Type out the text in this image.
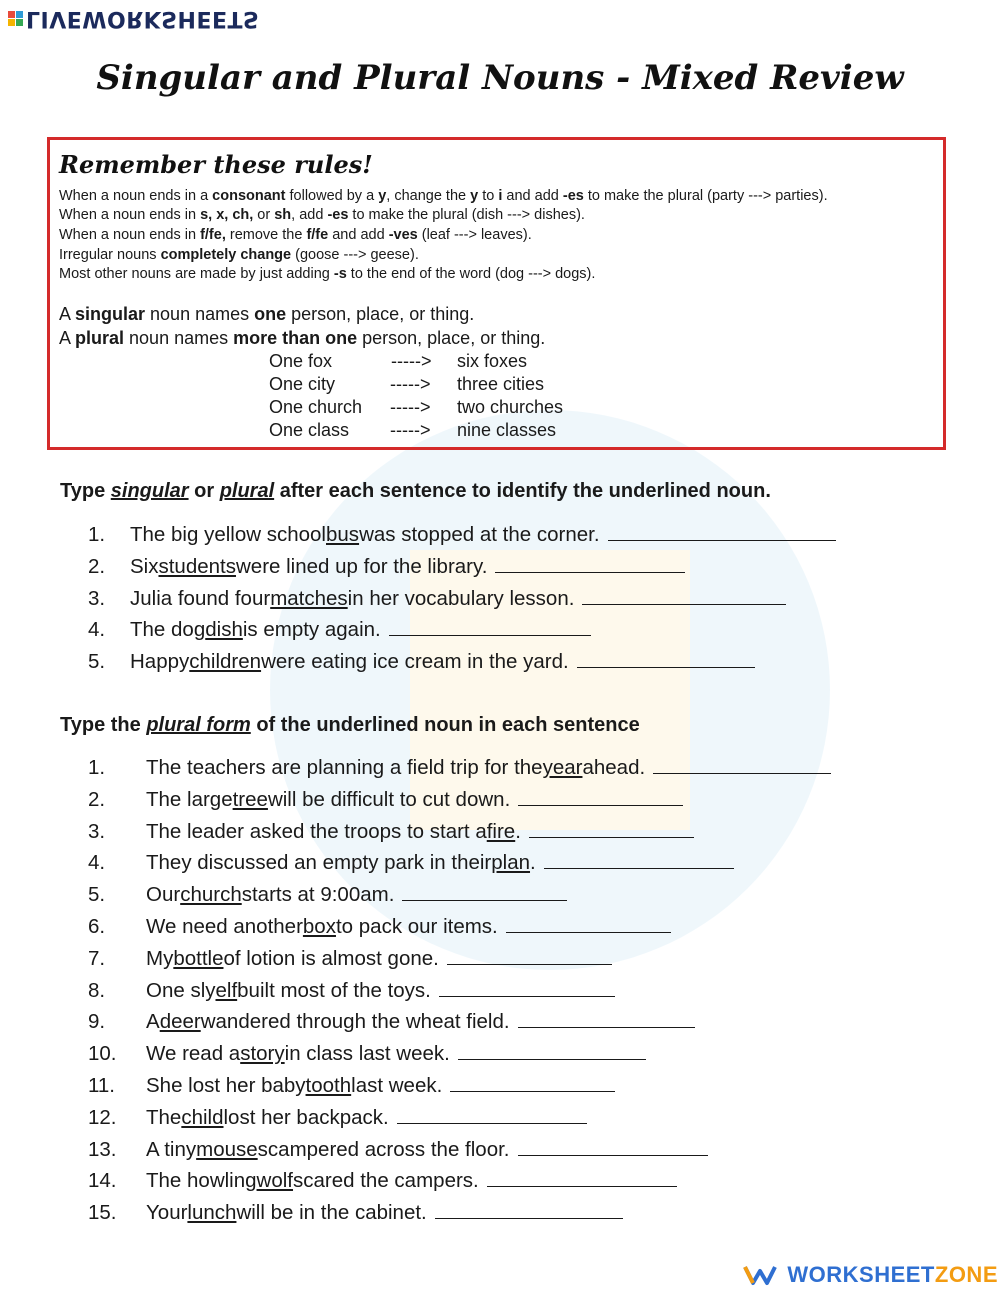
LIVEWORKSHEETS
Singular and Plural Nouns - Mixed Review
Remember these rules!
When a noun ends in a consonant followed by a y, change the y to i and add -es to make the plural (party ---> parties).
When a noun ends in s, x, ch, or sh, add -es to make the plural (dish ---> dishes).
When a noun ends in f/fe, remove the f/fe and add -ves (leaf ---> leaves).
Irregular nouns completely change (goose ---> geese).
Most other nouns are made by just adding -s to the end of the word (dog ---> dogs).
A singular noun names one person, place, or thing.
A plural noun names more than one person, place, or thing.
One fox	-----> six foxes
One city	-----> three cities
One church -----> two churches
One class -----> nine classes
Type singular or plural after each sentence to identify the underlined noun.
1.	The big yellow school bus was stopped at the corner.
2.	Six students were lined up for the library.
3.	Julia found four matches in her vocabulary lesson.
4.	The dog dish is empty again.
5.	Happy children were eating ice cream in the yard.
Type the plural form of the underlined noun in each sentence
1.	The teachers are planning a field trip for the year ahead.
2.	The large tree will be difficult to cut down.
3.	The leader asked the troops to start a fire .
4.	They discussed an empty park in their plan .
5.	Our church starts at 9:00am.
6.	We need another box to pack our items.
7.	My bottle of lotion is almost gone.
8.	One sly elf built most of the toys.
9.	A deer wandered through the wheat field.
10.	We read a story in class last week.
11.	She lost her baby tooth last week.
12.	The child lost her backpack.
13.	A tiny mouse scampered across the floor.
14.	The howling wolf scared the campers.
15.	Your lunch will be in the cabinet.
WORKSHEET ZONE
